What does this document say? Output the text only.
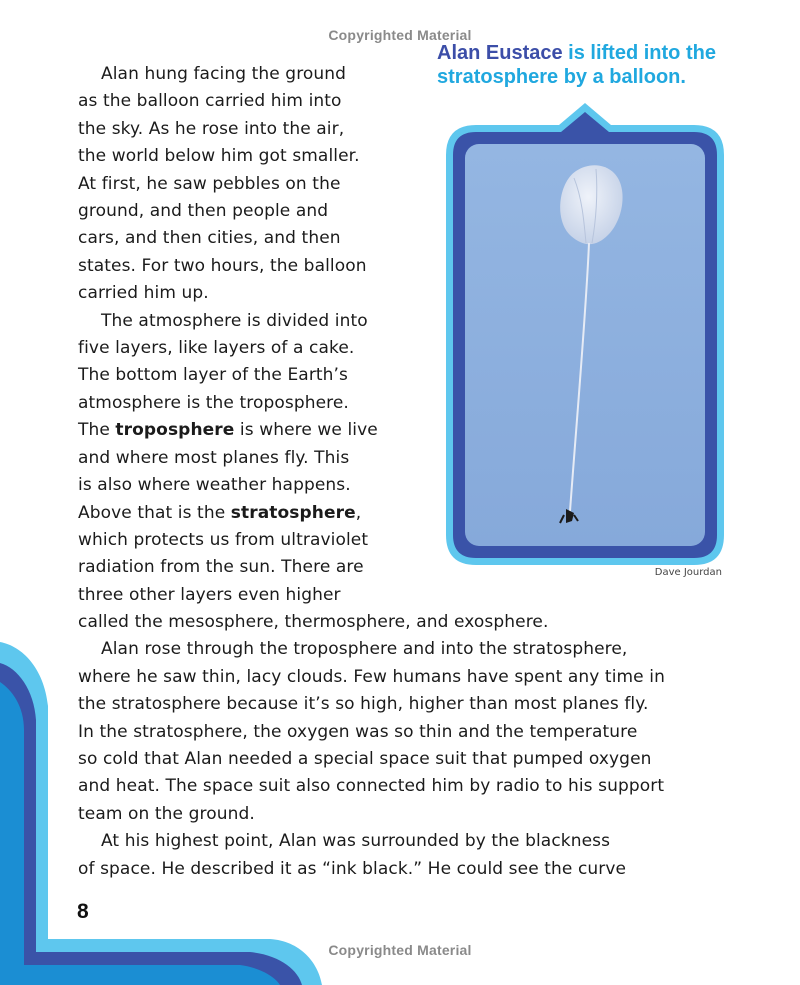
Copyrighted Material
Alan hung facing the ground
as the balloon carried him into
the sky. As he rose into the air,
the world below him got smaller.
At first, he saw pebbles on the
ground, and then people and
cars, and then cities, and then
states. For two hours, the balloon
carried him up.
The atmosphere is divided into
five layers, like layers of a cake.
The bottom layer of the Earth’s
atmosphere is the troposphere.
The troposphere is where we live
and where most planes fly. This
is also where weather happens.
Above that is the stratosphere,
which protects us from ultraviolet
radiation from the sun. There are
three other layers even higher
Alan Eustace is lifted into the
stratosphere by a balloon.
Dave Jourdan
called the mesosphere, thermosphere, and exosphere.
Alan rose through the troposphere and into the stratosphere,
where he saw thin, lacy clouds. Few humans have spent any time in
the stratosphere because it’s so high, higher than most planes fly.
In the stratosphere, the oxygen was so thin and the temperature
so cold that Alan needed a special space suit that pumped oxygen
and heat. The space suit also connected him by radio to his support
team on the ground.
At his highest point, Alan was surrounded by the blackness
of space. He described it as “ink black.” He could see the curve
8
Copyrighted Material
